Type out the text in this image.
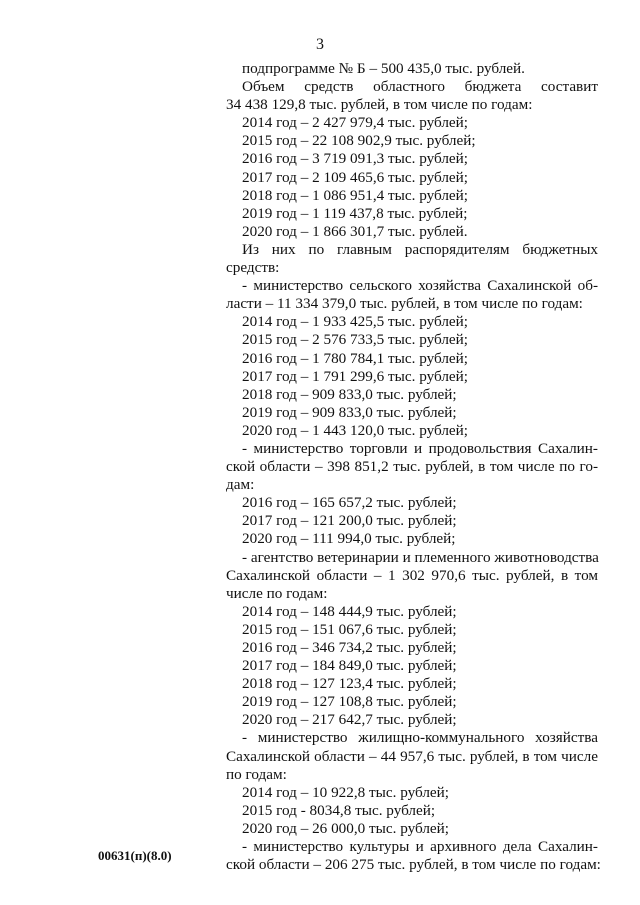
3
подпрограмме № Б – 500 435,0 тыс. рублей.
Объем средств областного бюджета составит
34 438 129,8 тыс. рублей, в том числе по годам:
2014 год – 2 427 979,4 тыс. рублей;
2015 год – 22 108 902,9 тыс. рублей;
2016 год – 3 719 091,3 тыс. рублей;
2017 год – 2 109 465,6 тыс. рублей;
2018 год – 1 086 951,4 тыс. рублей;
2019 год – 1 119 437,8 тыс. рублей;
2020 год – 1 866 301,7 тыс. рублей.
Из них по главным распорядителям бюджетных
средств:
- министерство сельского хозяйства Сахалинской об-
ласти – 11 334 379,0 тыс. рублей, в том числе по годам:
2014 год – 1 933 425,5 тыс. рублей;
2015 год – 2 576 733,5 тыс. рублей;
2016 год – 1 780 784,1 тыс. рублей;
2017 год – 1 791 299,6 тыс. рублей;
2018 год – 909 833,0 тыс. рублей;
2019 год – 909 833,0 тыс. рублей;
2020 год – 1 443 120,0 тыс. рублей;
- министерство торговли и продовольствия Сахалин-
ской области – 398 851,2 тыс. рублей, в том числе по го-
дам:
2016 год – 165 657,2 тыс. рублей;
2017 год – 121 200,0 тыс. рублей;
2020 год – 111 994,0 тыс. рублей;
- агентство ветеринарии и племенного животноводства
Сахалинской области – 1 302 970,6 тыс. рублей, в том
числе по годам:
2014 год – 148 444,9 тыс. рублей;
2015 год – 151 067,6 тыс. рублей;
2016 год – 346 734,2 тыс. рублей;
2017 год – 184 849,0 тыс. рублей;
2018 год – 127 123,4 тыс. рублей;
2019 год – 127 108,8 тыс. рублей;
2020 год – 217 642,7 тыс. рублей;
- министерство жилищно-коммунального хозяйства
Сахалинской области – 44 957,6 тыс. рублей, в том числе
по годам:
2014 год – 10 922,8 тыс. рублей;
2015 год - 8034,8 тыс. рублей;
2020 год – 26 000,0 тыс. рублей;
- министерство культуры и архивного дела Сахалин-
ской области – 206 275 тыс. рублей, в том числе по годам:
00631(п)(8.0)
